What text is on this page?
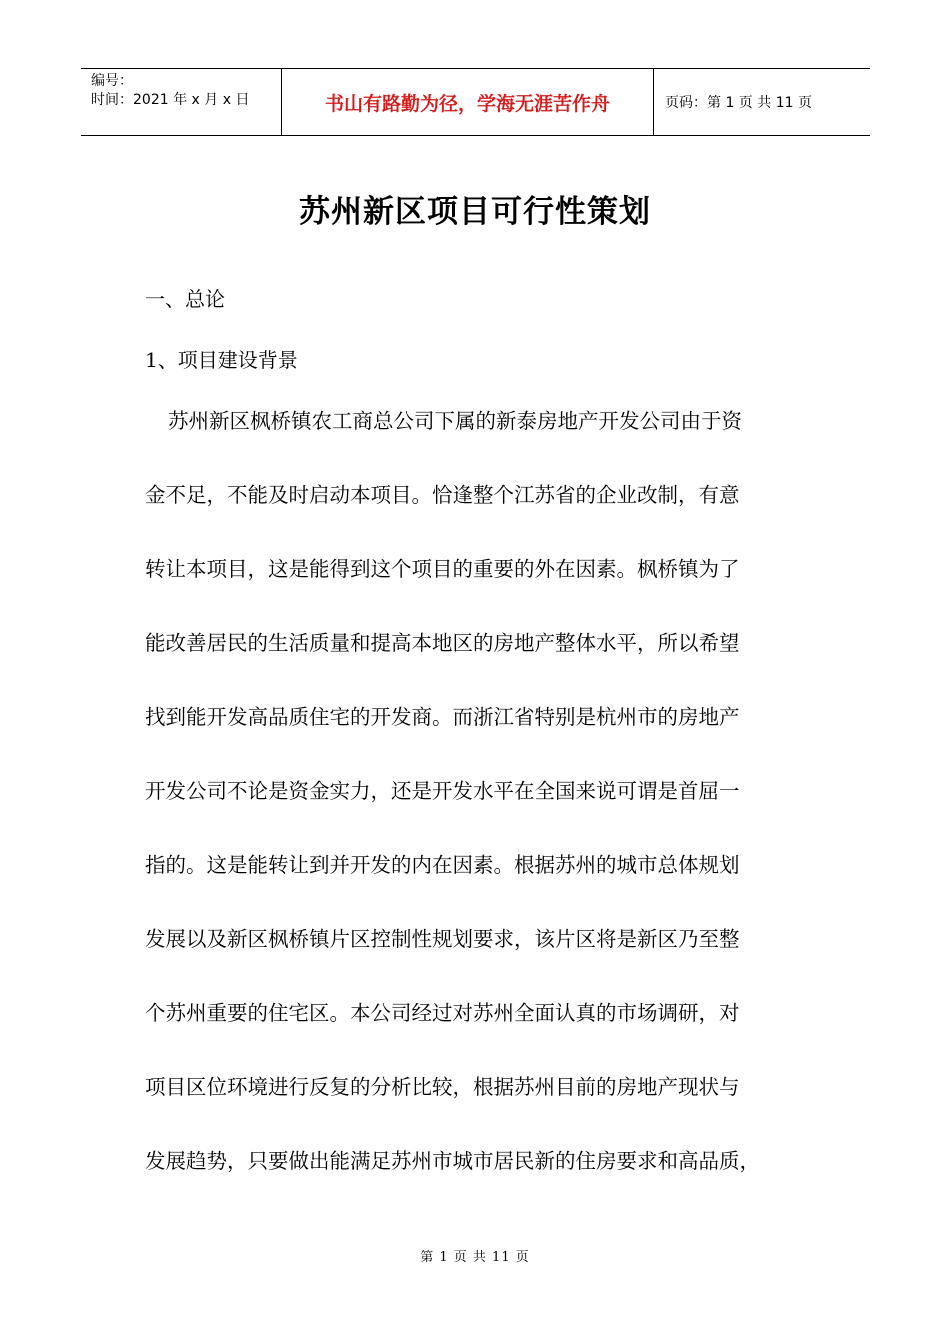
编号：
时间：2021 年 x 月 x 日	书山有路勤为径，学海无涯苦作舟	页码：第 1 页 共 11 页
苏州新区项目可行性策划
一、总论
1、项目建设背景
苏州新区枫桥镇农工商总公司下属的新泰房地产开发公司由于资
金不足，不能及时启动本项目。恰逢整个江苏省的企业改制，有意
转让本项目，这是能得到这个项目的重要的外在因素。枫桥镇为了
能改善居民的生活质量和提高本地区的房地产整体水平，所以希望
找到能开发高品质住宅的开发商。而浙江省特别是杭州市的房地产
开发公司不论是资金实力，还是开发水平在全国来说可谓是首屈一
指的。这是能转让到并开发的内在因素。根据苏州的城市总体规划
发展以及新区枫桥镇片区控制性规划要求，该片区将是新区乃至整
个苏州重要的住宅区。本公司经过对苏州全面认真的市场调研，对
项目区位环境进行反复的分析比较，根据苏州目前的房地产现状与
发展趋势，只要做出能满足苏州市城市居民新的住房要求和高品质，
第 1 页 共 11 页
